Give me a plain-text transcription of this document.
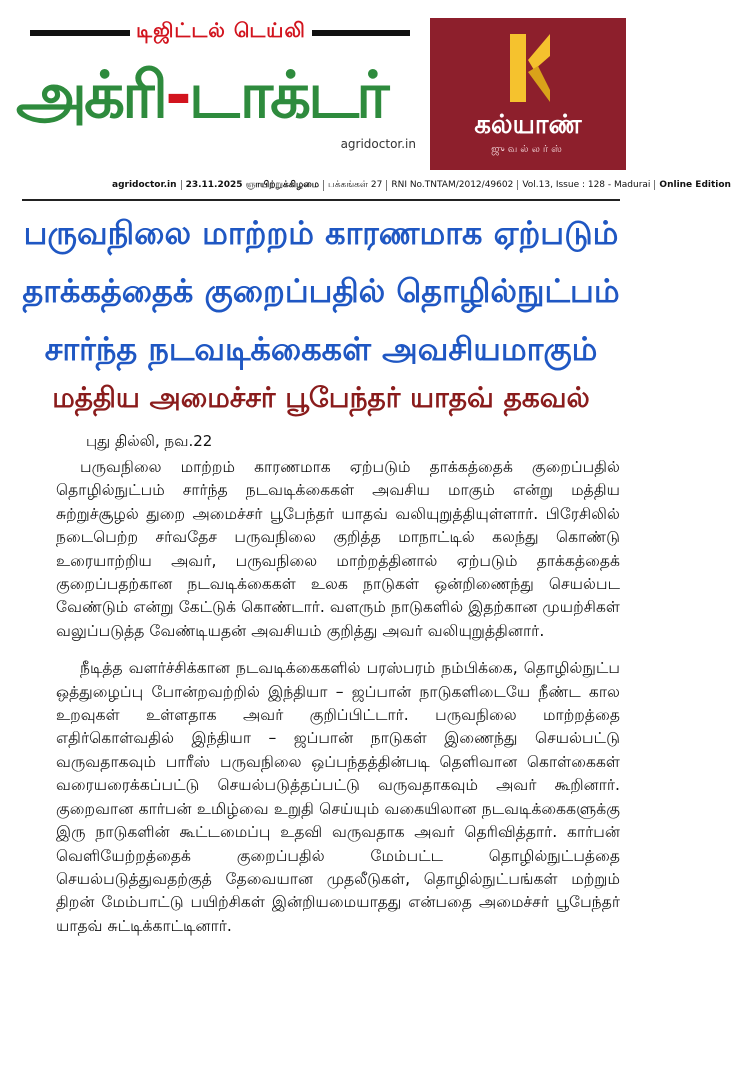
டிஜிட்டல் டெய்லி
அக்ரி-டாக்டர்
agridoctor.in
கல்யாண்
ஜுவல்லர்ஸ்
agridoctor.in 23.11.2025 ஞாயிற்றுக்கிழமை பக்கங்கள் 27 RNI No.TNTAM/2012/49602 Vol.13, Issue : 128 - Madurai Online Edition
பருவநிலை மாற்றம் காரணமாக ஏற்படும்
தாக்கத்தைக் குறைப்பதில் தொழில்நுட்பம்
சார்ந்த நடவடிக்கைகள் அவசியமாகும்
மத்திய அமைச்சர் பூபேந்தர் யாதவ் தகவல்
புது தில்லி, நவ.22

பருவநிலை மாற்றம் காரணமாக ஏற்படும் தாக்கத்தைக் குறைப்பதில் தொழில்நுட்பம் சார்ந்த நடவடிக்கைகள் அவசிய மாகும் என்று மத்திய சுற்றுச்சூழல் துறை அமைச்சர் பூபேந்தர் யாதவ் வலியுறுத்தியுள்ளார். பிரேசிலில் நடைபெற்ற சர்வதேச பருவநிலை குறித்த மாநாட்டில் கலந்து கொண்டு உரையாற்றிய அவர், பருவநிலை மாற்றத்தினால் ஏற்படும் தாக்கத்தைக் குறைப்பதற்கான நடவடிக்கைகள் உலக நாடுகள் ஒன்றிணைந்து செயல்பட வேண்டும் என்று கேட்டுக் கொண்டார். வளரும் நாடுகளில் இதற்கான முயற்சிகள் வலுப்படுத்த வேண்டியதன் அவசியம் குறித்து அவர் வலியுறுத்தினார்.

நீடித்த வளர்ச்சிக்கான நடவடிக்கைகளில் பரஸ்பரம் நம்பிக்கை, தொழில்நுட்ப ஒத்துழைப்பு போன்றவற்றில் இந்தியா – ஜப்பான் நாடுகளிடையே நீண்ட கால உறவுகள் உள்ளதாக அவர் குறிப்பிட்டார். பருவநிலை மாற்றத்தை எதிர்கொள்வதில் இந்தியா – ஜப்பான் நாடுகள் இணைந்து செயல்பட்டு வருவதாகவும் பாரீஸ் பருவநிலை ஒப்பந்தத்தின்படி தெளிவான கொள்கைகள் வரையரைக்கப்பட்டு செயல்படுத்தப்பட்டு வருவதாகவும் அவர் கூறினார். குறைவான கார்பன் உமிழ்வை உறுதி செய்யும் வகையிலான நடவடிக்கைகளுக்கு இரு நாடுகளின் கூட்டமைப்பு உதவி வருவதாக அவர் தெரிவித்தார். கார்பன் வெளியேற்றத்தைக் குறைப்பதில் மேம்பட்ட தொழில்நுட்பத்தை செயல்படுத்துவதற்குத் தேவையான முதலீடுகள், தொழில்நுட்பங்கள் மற்றும் திறன் மேம்பாட்டு பயிற்சிகள் இன்றியமையாதது என்பதை அமைச்சர் பூபேந்தர் யாதவ் சுட்டிக்காட்டினார்.
